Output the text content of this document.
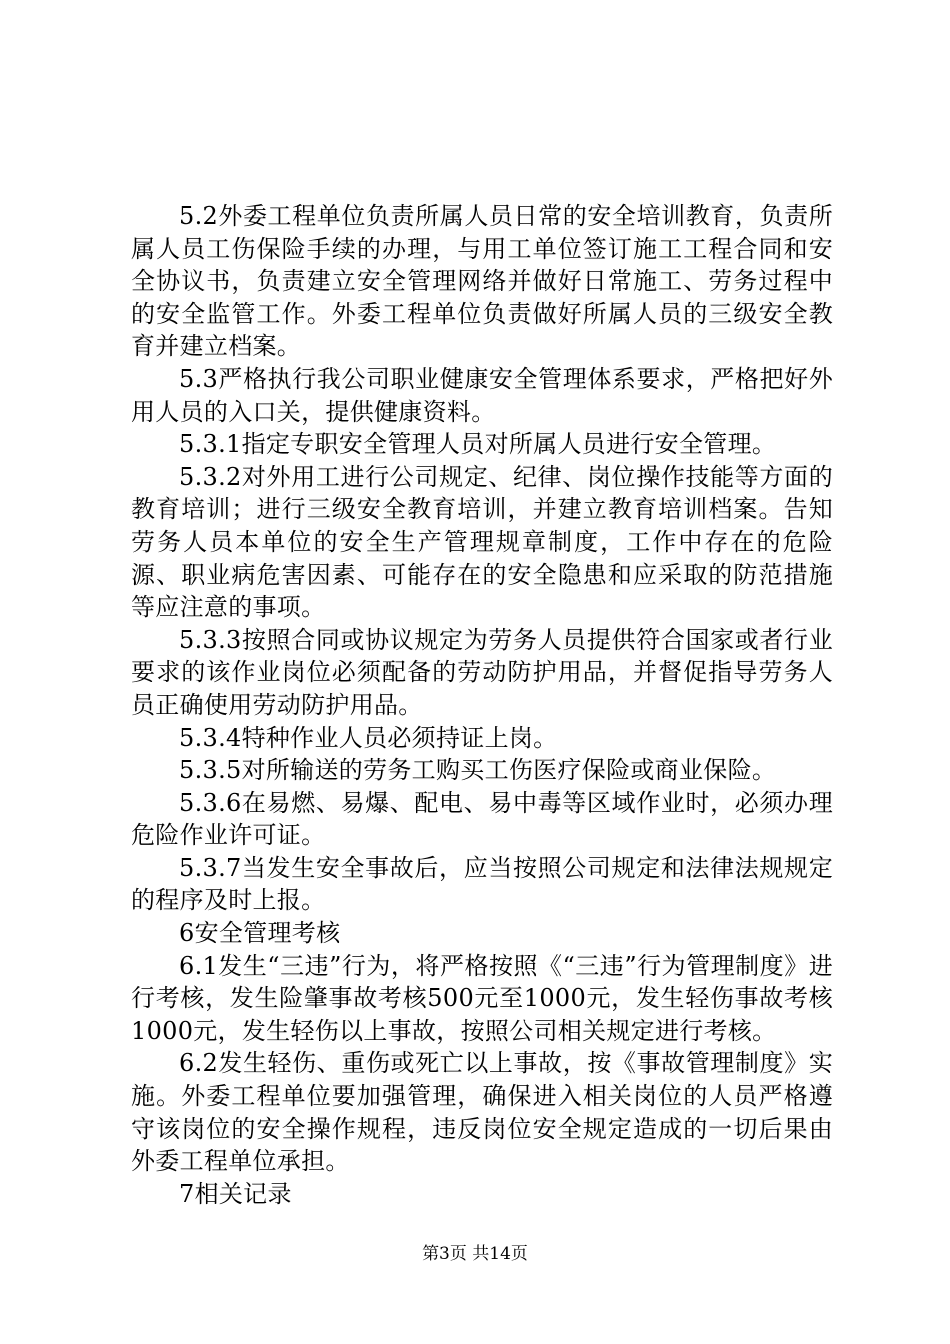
5.2外委工程单位负责所属人员日常的安全培训教育，负责所属人员工伤保险手续的办理，与用工单位签订施工工程合同和安全协议书，负责建立安全管理网络并做好日常施工、劳务过程中的安全监管工作。外委工程单位负责做好所属人员的三级安全教育并建立档案。

5.3严格执行我公司职业健康安全管理体系要求，严格把好外用人员的入口关，提供健康资料。

5.3.1指定专职安全管理人员对所属人员进行安全管理。

5.3.2对外用工进行公司规定、纪律、岗位操作技能等方面的教育培训；进行三级安全教育培训，并建立教育培训档案。告知劳务人员本单位的安全生产管理规章制度，工作中存在的危险源、职业病危害因素、可能存在的安全隐患和应采取的防范措施等应注意的事项。

5.3.3按照合同或协议规定为劳务人员提供符合国家或者行业要求的该作业岗位必须配备的劳动防护用品，并督促指导劳务人员正确使用劳动防护用品。

5.3.4特种作业人员必须持证上岗。

5.3.5对所输送的劳务工购买工伤医疗保险或商业保险。

5.3.6在易燃、易爆、配电、易中毒等区域作业时，必须办理危险作业许可证。

5.3.7当发生安全事故后，应当按照公司规定和法律法规规定的程序及时上报。

6安全管理考核

6.1发生“三违”行为，将严格按照《“三违”行为管理制度》进行考核，发生险肇事故考核500元至1000元，发生轻伤事故考核1000元，发生轻伤以上事故，按照公司相关规定进行考核。

6.2发生轻伤、重伤或死亡以上事故，按《事故管理制度》实施。外委工程单位要加强管理，确保进入相关岗位的人员严格遵守该岗位的安全操作规程，违反岗位安全规定造成的一切后果由外委工程单位承担。

7相关记录

第3页 共14页
